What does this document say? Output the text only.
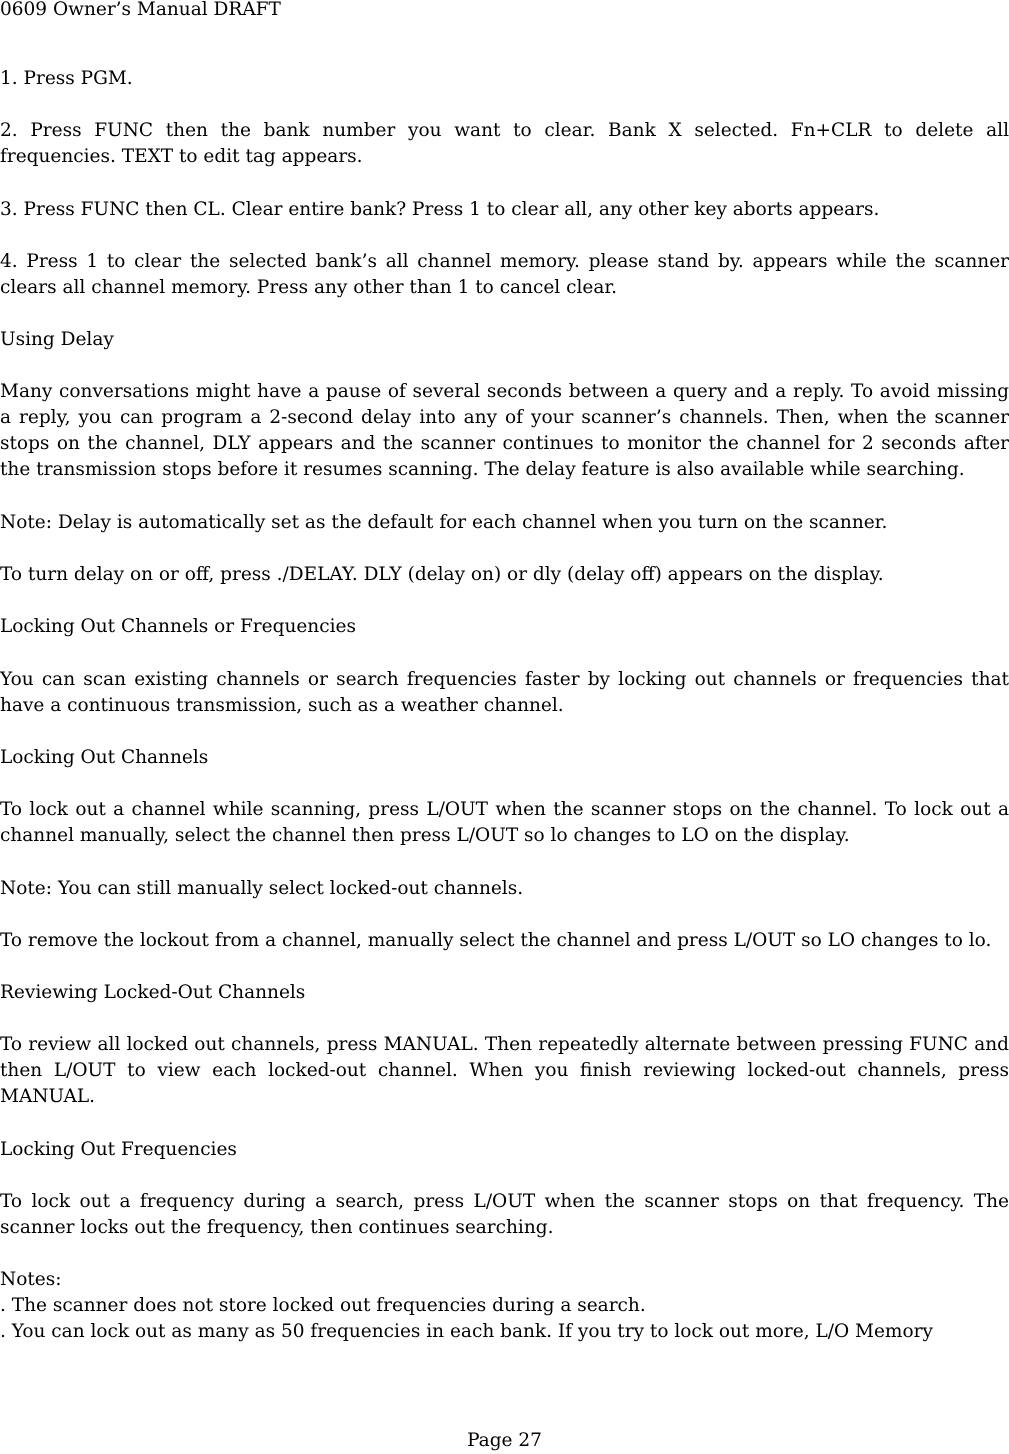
0609 Owner’s Manual DRAFT

1. Press PGM.

2. Press FUNC then the bank number you want to clear. Bank X selected. Fn+CLR to delete all frequencies. TEXT to edit tag appears.

3. Press FUNC then CL. Clear entire bank? Press 1 to clear all, any other key aborts appears.

4. Press 1 to clear the selected bank’s all channel memory. please stand by. appears while the scanner clears all channel memory. Press any other than 1 to cancel clear.

Using Delay

Many conversations might have a pause of several seconds between a query and a reply. To avoid missing a reply, you can program a 2-second delay into any of your scanner’s channels. Then, when the scanner stops on the channel, DLY appears and the scanner continues to monitor the channel for 2 seconds after the transmission stops before it resumes scanning. The delay feature is also available while searching.

Note: Delay is automatically set as the default for each channel when you turn on the scanner.

To turn delay on or off, press ./DELAY. DLY (delay on) or dly (delay off) appears on the display.

Locking Out Channels or Frequencies

You can scan existing channels or search frequencies faster by locking out channels or frequencies that have a continuous transmission, such as a weather channel.

Locking Out Channels

To lock out a channel while scanning, press L/OUT when the scanner stops on the channel. To lock out a channel manually, select the channel then press L/OUT so lo changes to LO on the display.

Note: You can still manually select locked-out channels.

To remove the lockout from a channel, manually select the channel and press L/OUT so LO changes to lo.

Reviewing Locked-Out Channels

To review all locked out channels, press MANUAL. Then repeatedly alternate between pressing FUNC and then L/OUT to view each locked-out channel. When you finish reviewing locked-out channels, press MANUAL.

Locking Out Frequencies

To lock out a frequency during a search, press L/OUT when the scanner stops on that frequency. The scanner locks out the frequency, then continues searching.

Notes:

. The scanner does not store locked out frequencies during a search.

. You can lock out as many as 50 frequencies in each bank. If you try to lock out more, L/O Memory

Page 27
